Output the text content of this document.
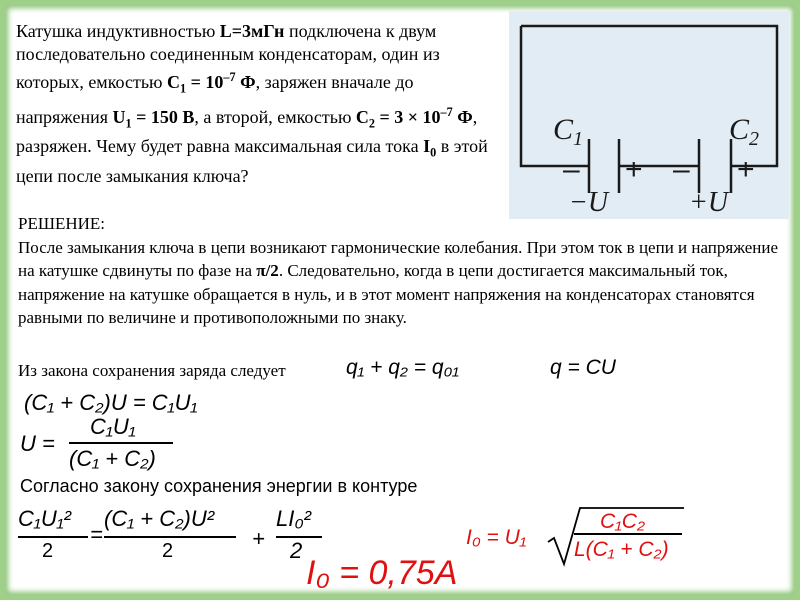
Катушка индуктивностью L=3мГн подключена к двум последовательно соединенным конденсаторам, один из которых, емкостью $C_1 = 10^{-7}$ Ф, заряжен вначале до напряжения $U_1 = 150$ В, а второй, емкостью $C_2 = 3 \times 10^{-7}$ Ф, разряжен. Чему будет равна максимальная сила тока $I_0$ в этой цепи после замыкания ключа?
$C_1$	$C_2$
– + – +
−U	+U
РЕШЕНИЕ:
После замыкания ключа в цепи возникают гармонические колебания. При этом ток в цепи и напряжение на катушке сдвинуты по фазе на π/2. Следовательно, когда в цепи достигается максимальный ток, напряжение на катушке обращается в нуль, и в этот момент напряжения на конденсаторах становятся равными по величине и противоположными по знаку.
Из закона сохранения заряда следует	q₁ + q₂ = q₀₁	q = CU
(C₁ + C₂)U = C₁U₁
U =
C₁U₁
(C₁ + C₂)
Согласно закону сохранения энергии в контуре
C₁U₁²
2
=
(C₁ + C₂)U²
2	+
LI₀²
2
I₀ = 0,75A
I₀ = U₁
C₁C₂
L(C₁ + C₂)
